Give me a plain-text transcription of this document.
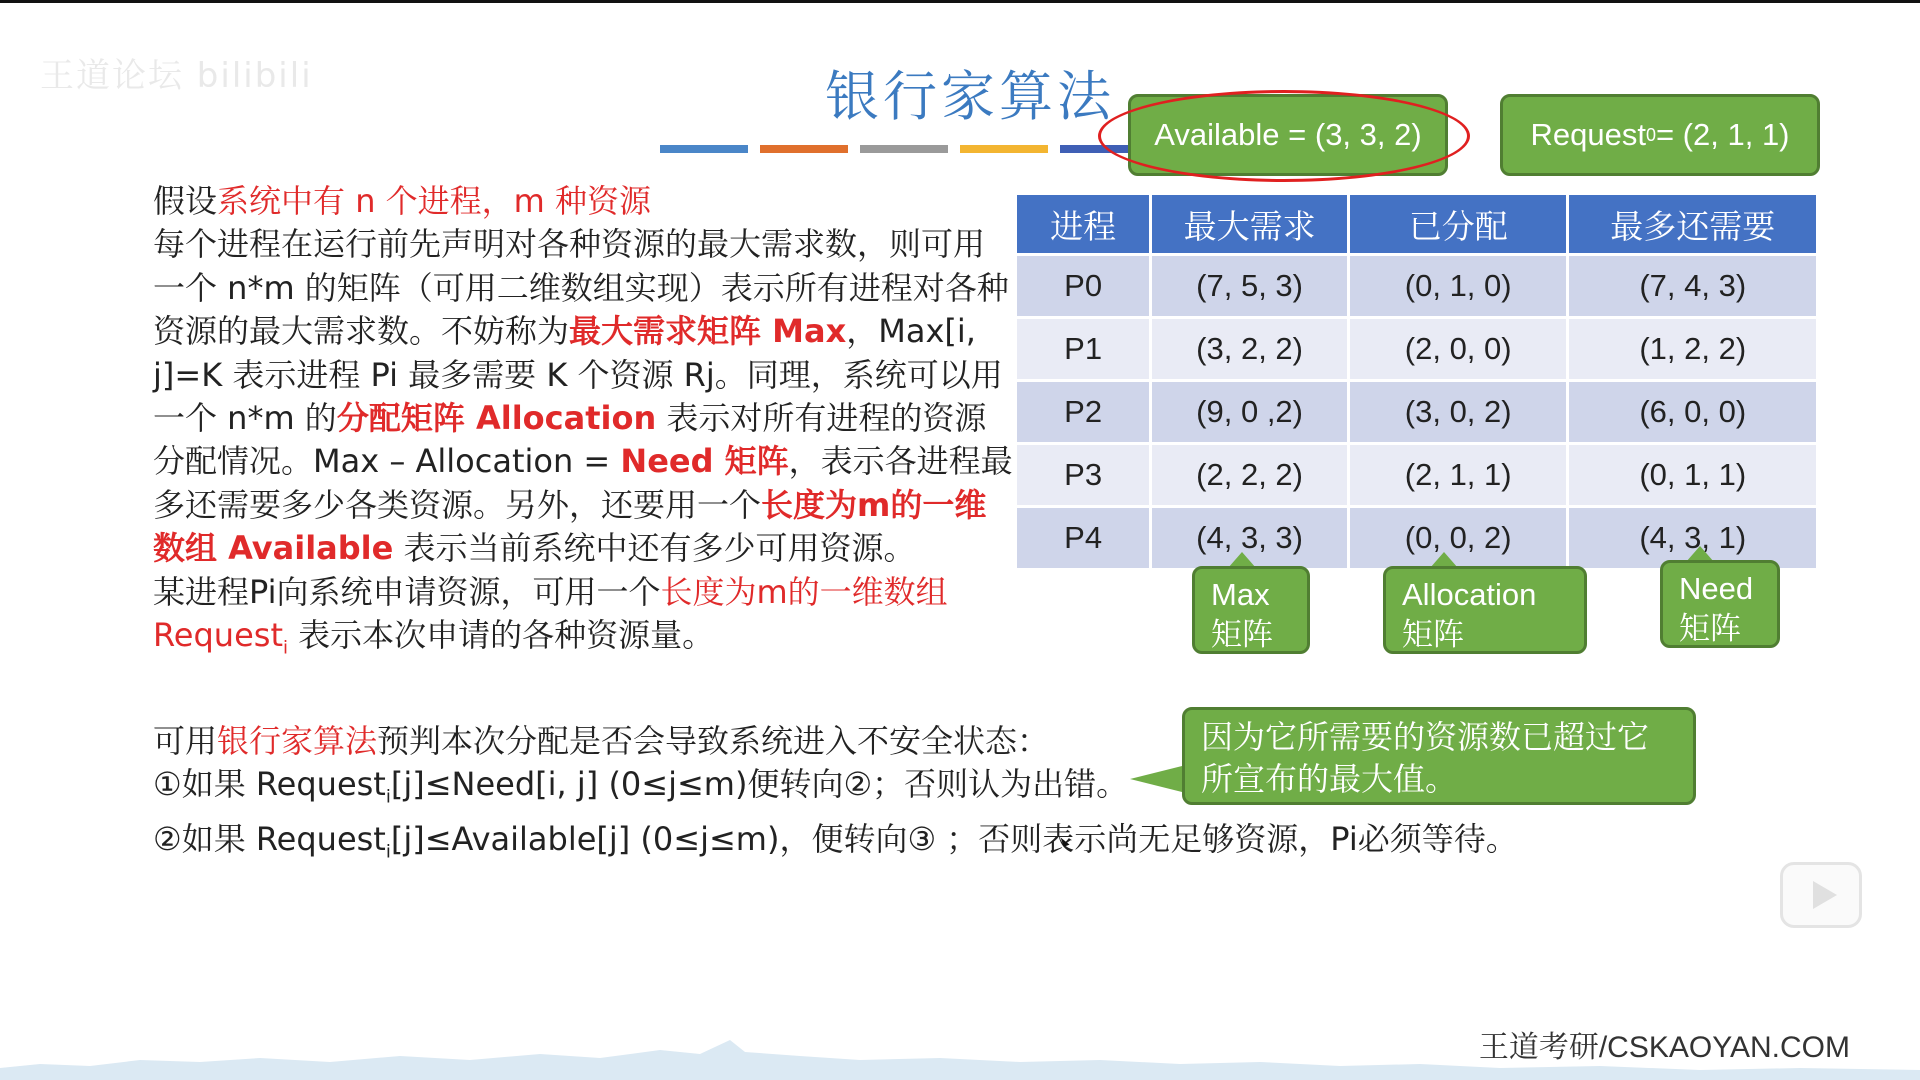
王道论坛 bilibili	银行家算法
Available = (3, 3, 2)	Request 0 = (2, 1, 1)
假设系统中有 n 个进程，m 种资源
每个进程在运行前先声明对各种资源的最大需求数，则可用一个 n*m 的矩阵（可用二维数组实现）表示所有进程对各种资源的最大需求数。不妨称为最大需求矩阵 Max，Max[i, j]=K 表示进程 Pi 最多需要 K 个资源 Rj。同理，系统可以用一个 n*m 的分配矩阵 Allocation 表示对所有进程的资源分配情况。Max – Allocation = Need 矩阵，表示各进程最多还需要多少各类资源。另外，还要用一个长度为m的一维数组 Available 表示当前系统中还有多少可用资源。
某进程Pi向系统申请资源，可用一个长度为m的一维数组 Request$_i$ 表示本次申请的各种资源量。
可用银行家算法预判本次分配是否会导致系统进入不安全状态：
①如果 Request$_i$[j]≤Need[i, j] (0≤j≤m)便转向②；否则认为出错。
②如果 Request$_i$[j]≤Available[j] (0≤j≤m)，便转向③ ；否则表示尚无足够资源，Pi必须等待。
进程	最大需求	已分配	最多还需要
P0	(7, 5, 3)	(0, 1, 0)	(7, 4, 3)
P1	(3, 2, 2)	(2, 0, 0)	(1, 2, 2)
P2	(9, 0 ,2)	(3, 0, 2)	(6, 0, 0)
P3	(2, 2, 2)	(2, 1, 1)	(0, 1, 1)
P4	(4, 3, 3)	(0, 0, 2)	(4, 3, 1)
Max
矩阵
Allocation
矩阵
Need
矩阵
因为它所需要的资源数已超过它所宣布的最大值。
王道考研/CSKAOYAN.COM
